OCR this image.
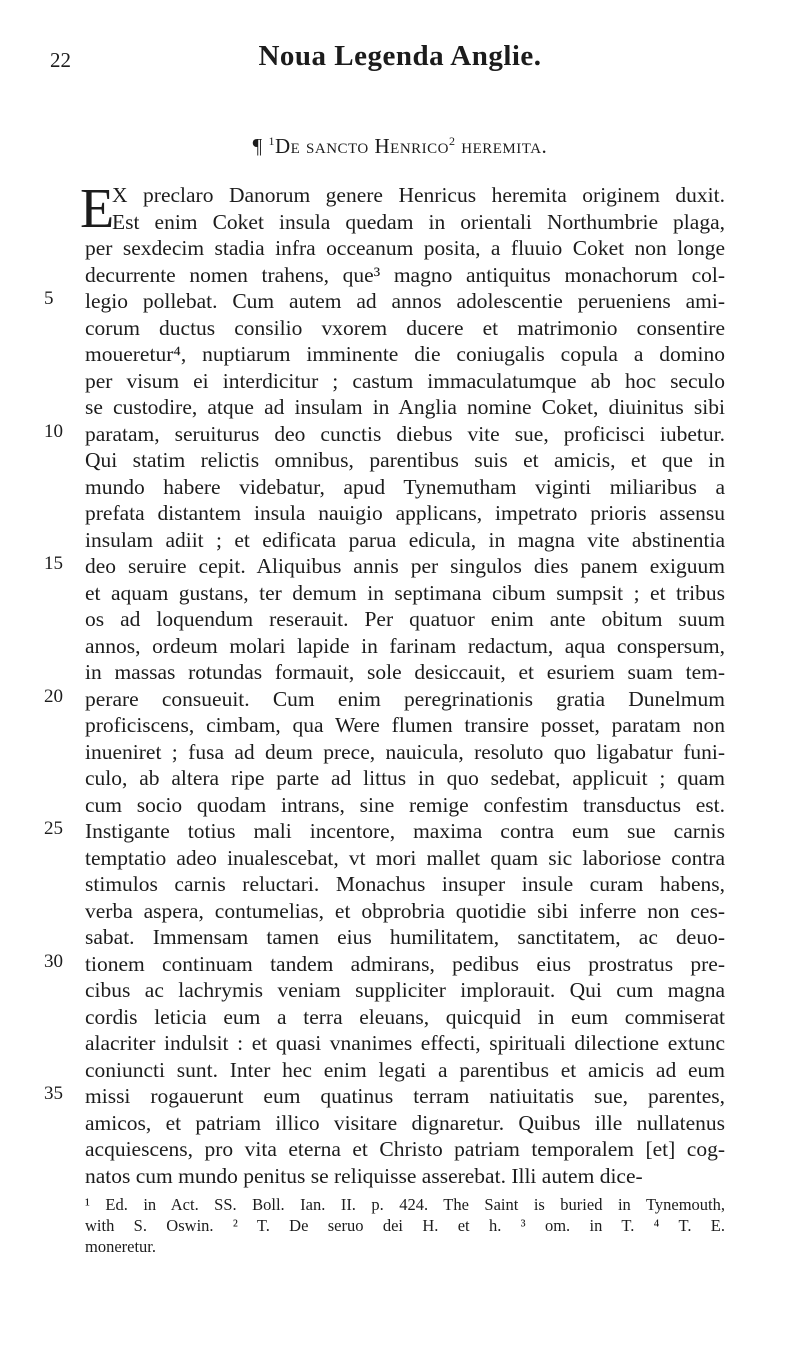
22	Noua Legenda Anglie.
¶ $^1$De sancto Henrico$^2$ heremita.
E
X preclaro Danorum genere Henricus heremita originem duxit.
Est enim Coket insula quedam in orientali Northumbrie plaga,
per sexdecim stadia infra occeanum posita, a fluuio Coket non longe
decurrente nomen trahens, que³ magno antiquitus monachorum col-
5	legio pollebat. Cum autem ad annos adolescentie perueniens ami-
corum ductus consilio vxorem ducere et matrimonio consentire
moueretur⁴, nuptiarum imminente die coniugalis copula a domino
per visum ei interdicitur ; castum immaculatumque ab hoc seculo
se custodire, atque ad insulam in Anglia nomine Coket, diuinitus sibi
10	paratam, seruiturus deo cunctis diebus vite sue, proficisci iubetur.
Qui statim relictis omnibus, parentibus suis et amicis, et que in
mundo habere videbatur, apud Tynemutham viginti miliaribus a
prefata distantem insula nauigio applicans, impetrato prioris assensu
insulam adiit ; et edificata parua edicula, in magna vite abstinentia
15	deo seruire cepit. Aliquibus annis per singulos dies panem exiguum
et aquam gustans, ter demum in septimana cibum sumpsit ; et tribus
os ad loquendum reserauit. Per quatuor enim ante obitum suum
annos, ordeum molari lapide in farinam redactum, aqua conspersum,
in massas rotundas formauit, sole desiccauit, et esuriem suam tem-
20	perare consueuit. Cum enim peregrinationis gratia Dunelmum
proficiscens, cimbam, qua Were flumen transire posset, paratam non
inueniret ; fusa ad deum prece, nauicula, resoluto quo ligabatur funi-
culo, ab altera ripe parte ad littus in quo sedebat, applicuit ; quam
cum socio quodam intrans, sine remige confestim transductus est.
25	Instigante totius mali incentore, maxima contra eum sue carnis
temptatio adeo inualescebat, vt mori mallet quam sic laboriose contra
stimulos carnis reluctari. Monachus insuper insule curam habens,
verba aspera, contumelias, et obprobria quotidie sibi inferre non ces-
sabat. Immensam tamen eius humilitatem, sanctitatem, ac deuo-
30	tionem continuam tandem admirans, pedibus eius prostratus pre-
cibus ac lachrymis veniam suppliciter implorauit. Qui cum magna
cordis leticia eum a terra eleuans, quicquid in eum commiserat
alacriter indulsit : et quasi vnanimes effecti, spirituali dilectione extunc
coniuncti sunt. Inter hec enim legati a parentibus et amicis ad eum
35	missi rogauerunt eum quatinus terram natiuitatis sue, parentes,
amicos, et patriam illico visitare dignaretur. Quibus ille nullatenus
acquiescens, pro vita eterna et Christo patriam temporalem [et] cog-
natos cum mundo penitus se reliquisse asserebat. Illi autem dice-
¹ Ed. in Act. SS. Boll. Ian. II. p. 424. The Saint is buried in Tynemouth,
with S. Oswin. ² T. De seruo dei H. et h. ³ om. in T. ⁴ T. E.
moneretur.
